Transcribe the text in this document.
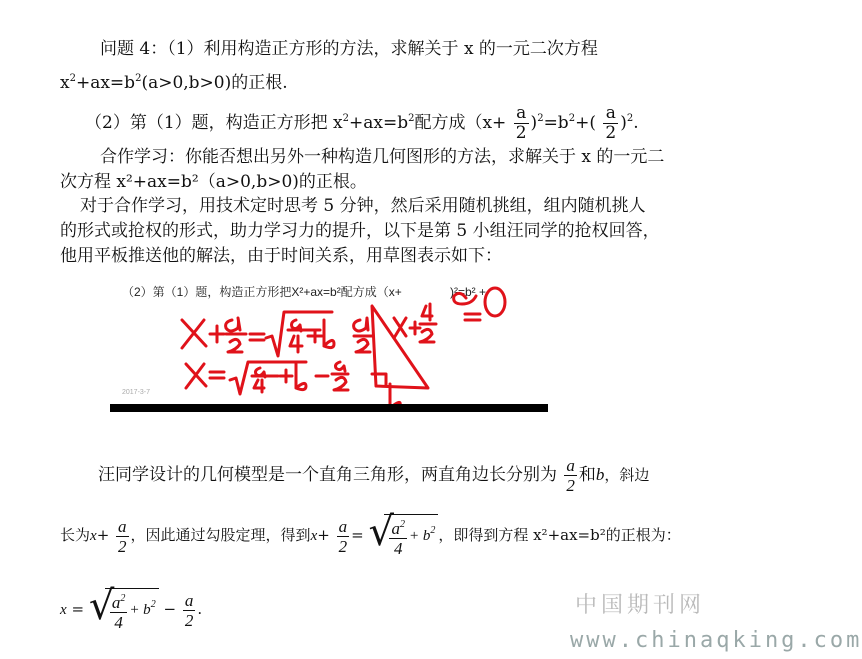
问题 4：（1）利用构造正方形的方法，求解关于 x 的一元二次方程
$x^2+ax=b^2(a>0,b>0)$的正根.
（2）第（1）题，构造正方形把 $x^2+ax=b^2$配方成$(x+ \frac{a}{2} )^2=b^2+( \frac{a}{2} )^2$.
合作学习：你能否想出另外一种构造几何图形的方法，求解关于 x 的一元二
次方程 x²+ax=b²（a>0,b>0)的正根。
对于合作学习，用技术定时思考 5 分钟，然后采用随机挑组，组内随机挑人
的形式或抢权的形式，助力学习力的提升，以下是第 5 小组汪同学的抢权回答，
他用平板推送他的解法，由于时间关系，用草图表示如下：
（2）第（1）题，构造正方形把X²+ax=b²配方成（x+	)²=b² +
2017-3-7
汪同学设计的几何模型是一个直角三角形，两直角边长分别为 $\frac{a}{2}$ 和b，斜边
长为$x+ \frac{a}{2}$ ，因此通过勾股定理，得到$x+ \frac{a}{2}$ = √
$\frac{a^2}{4} + b^2$ ，即得到方程 x²+ax=b²的正根为：
x = √
$\frac{a^2}{4} + b^2 - \frac{a}{2}$ .	中国期刊网
www.chinaqking.com
